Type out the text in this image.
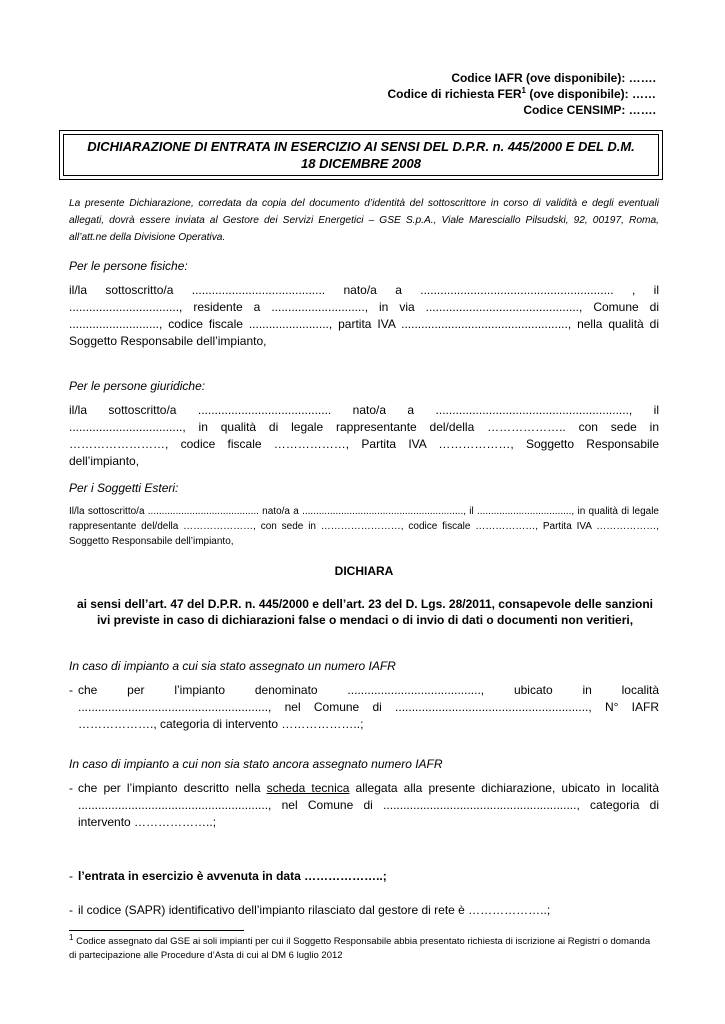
Codice IAFR (ove disponibile): …….
Codice di richiesta FER$^1$ (ove disponibile): ……
Codice CENSIMP: …….
DICHIARAZIONE DI ENTRATA IN ESERCIZIO AI SENSI DEL D.P.R. n. 445/2000 E DEL D.M. 18 DICEMBRE 2008
La presente Dichiarazione, corredata da copia del documento d’identità del sottoscrittore in corso di validità e degli eventuali allegati, dovrà essere inviata al Gestore dei Servizi Energetici – GSE S.p.A., Viale Maresciallo Pilsudski, 92, 00197, Roma, all’att.ne della Divisione Operativa.
Per le persone fisiche:
il/la sottoscritto/a ........................................ nato/a a .......................................................... , il ................................., residente a ............................, in via .............................................., Comune di ..........................., codice fiscale ........................, partita IVA .................................................., nella qualità di Soggetto Responsabile dell’impianto,
Per le persone giuridiche:
il/la sottoscritto/a ........................................ nato/a a .........................................................., il .................................., in qualità di legale rappresentante del/della ……………….. con sede in ……………………, codice fiscale ………………, Partita IVA ………………, Soggetto Responsabile dell’impianto,
Per i Soggetti Esteri:
Il/la sottoscritto/a ........................................ nato/a a .........................................................., il .................................., in qualità di legale rappresentante del/della …………………, con sede in ……………………, codice fiscale ………………, Partita IVA ………………, Soggetto Responsabile dell’impianto,
DICHIARA
ai sensi dell’art. 47 del D.P.R. n. 445/2000 e dell’art. 23 del D. Lgs. 28/2011, consapevole delle sanzioni ivi previste in caso di dichiarazioni false o mendaci o di invio di dati o documenti non veritieri,
In caso di impianto a cui sia stato assegnato un numero IAFR
- che per l’impianto denominato ........................................, ubicato in località ........................................................., nel Comune di .........................................................., N° IAFR ………………., categoria di intervento ………………..;
In caso di impianto a cui non sia stato ancora assegnato numero IAFR
- che per l’impianto descritto nella scheda tecnica allegata alla presente dichiarazione, ubicato in località ........................................................., nel Comune di .........................................................., categoria di intervento ………………..;
- l’entrata in esercizio è avvenuta in data ………………..;
- il codice (SAPR) identificativo dell’impianto rilasciato dal gestore di rete è ………………..;
$^1$ Codice assegnato dal GSE ai soli impianti per cui il Soggetto Responsabile abbia presentato richiesta di iscrizione ai Registri o domanda di partecipazione alle Procedure d’Asta di cui al DM 6 luglio 2012
